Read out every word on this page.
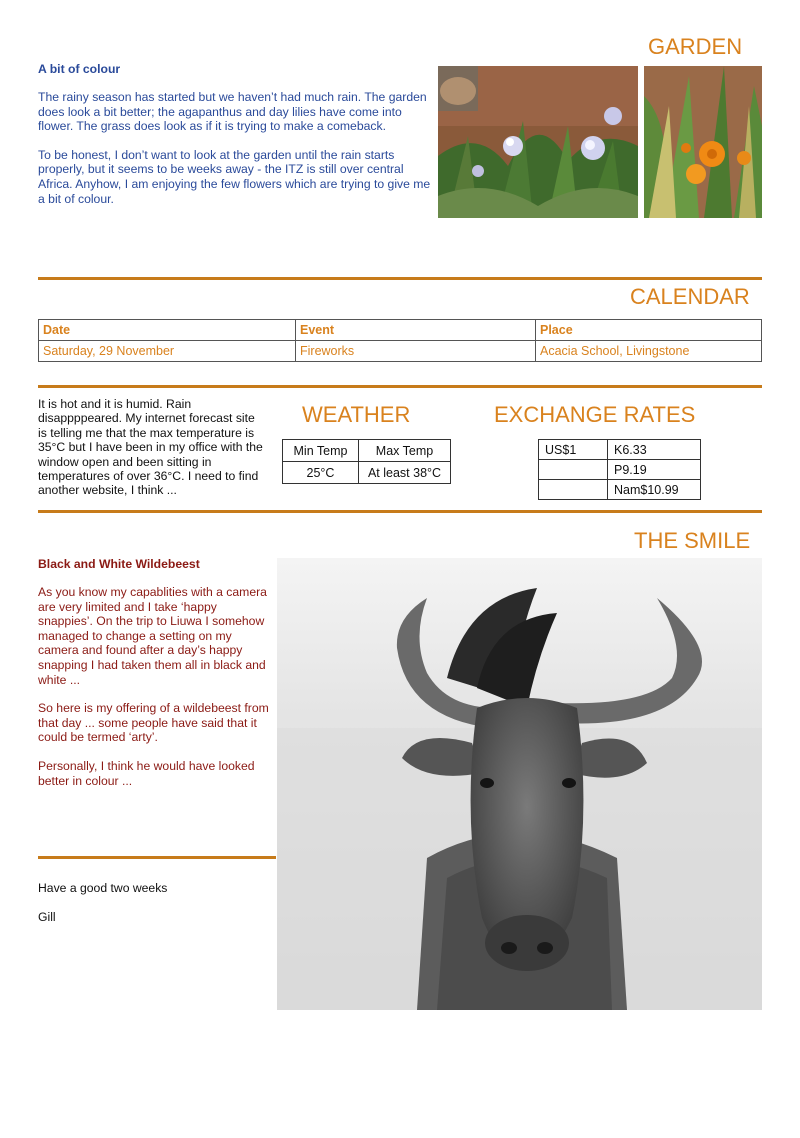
GARDEN

A bit of colour

The rainy season has started but we haven’t had much rain. The garden does look a bit better; the agapanthus and day lilies have come into flower. The grass does look as if it is trying to make a comeback.

To be honest, I don’t want to look at the garden until the rain starts properly, but it seems to be weeks away - the ITZ is still over central Africa. Anyhow, I am enjoying the few flowers which are trying to give me a bit of colour.

CALENDAR
Date	Event	Place
Saturday, 29 November	Fireworks	Acacia School, Livingstone
It is hot and it is humid. Rain disappppeared. My internet forecast site is telling me that the max temperature is 35°C but I have been in my office with the window open and been sitting in temperatures of over 36°C. I need to find another website, I think ...
WEATHER
Min Temp	Max Temp
25°C	At least 38°C
EXCHANGE RATES
US$1	K6.33
	P9.19
	Nam$10.99
THE SMILE

Black and White Wildebeest

As you know my capablities with a camera are very limited and I take ‘happy snappies’. On the trip to Liuwa I somehow managed to change a setting on my camera and found after a day’s happy snapping I had taken them all in black and white ...

So here is my offering of a wildebeest from that day ... some people have said that it could be termed ‘arty’.

Personally, I think he would have looked better in colour ...

Have a good two weeks
Gill
